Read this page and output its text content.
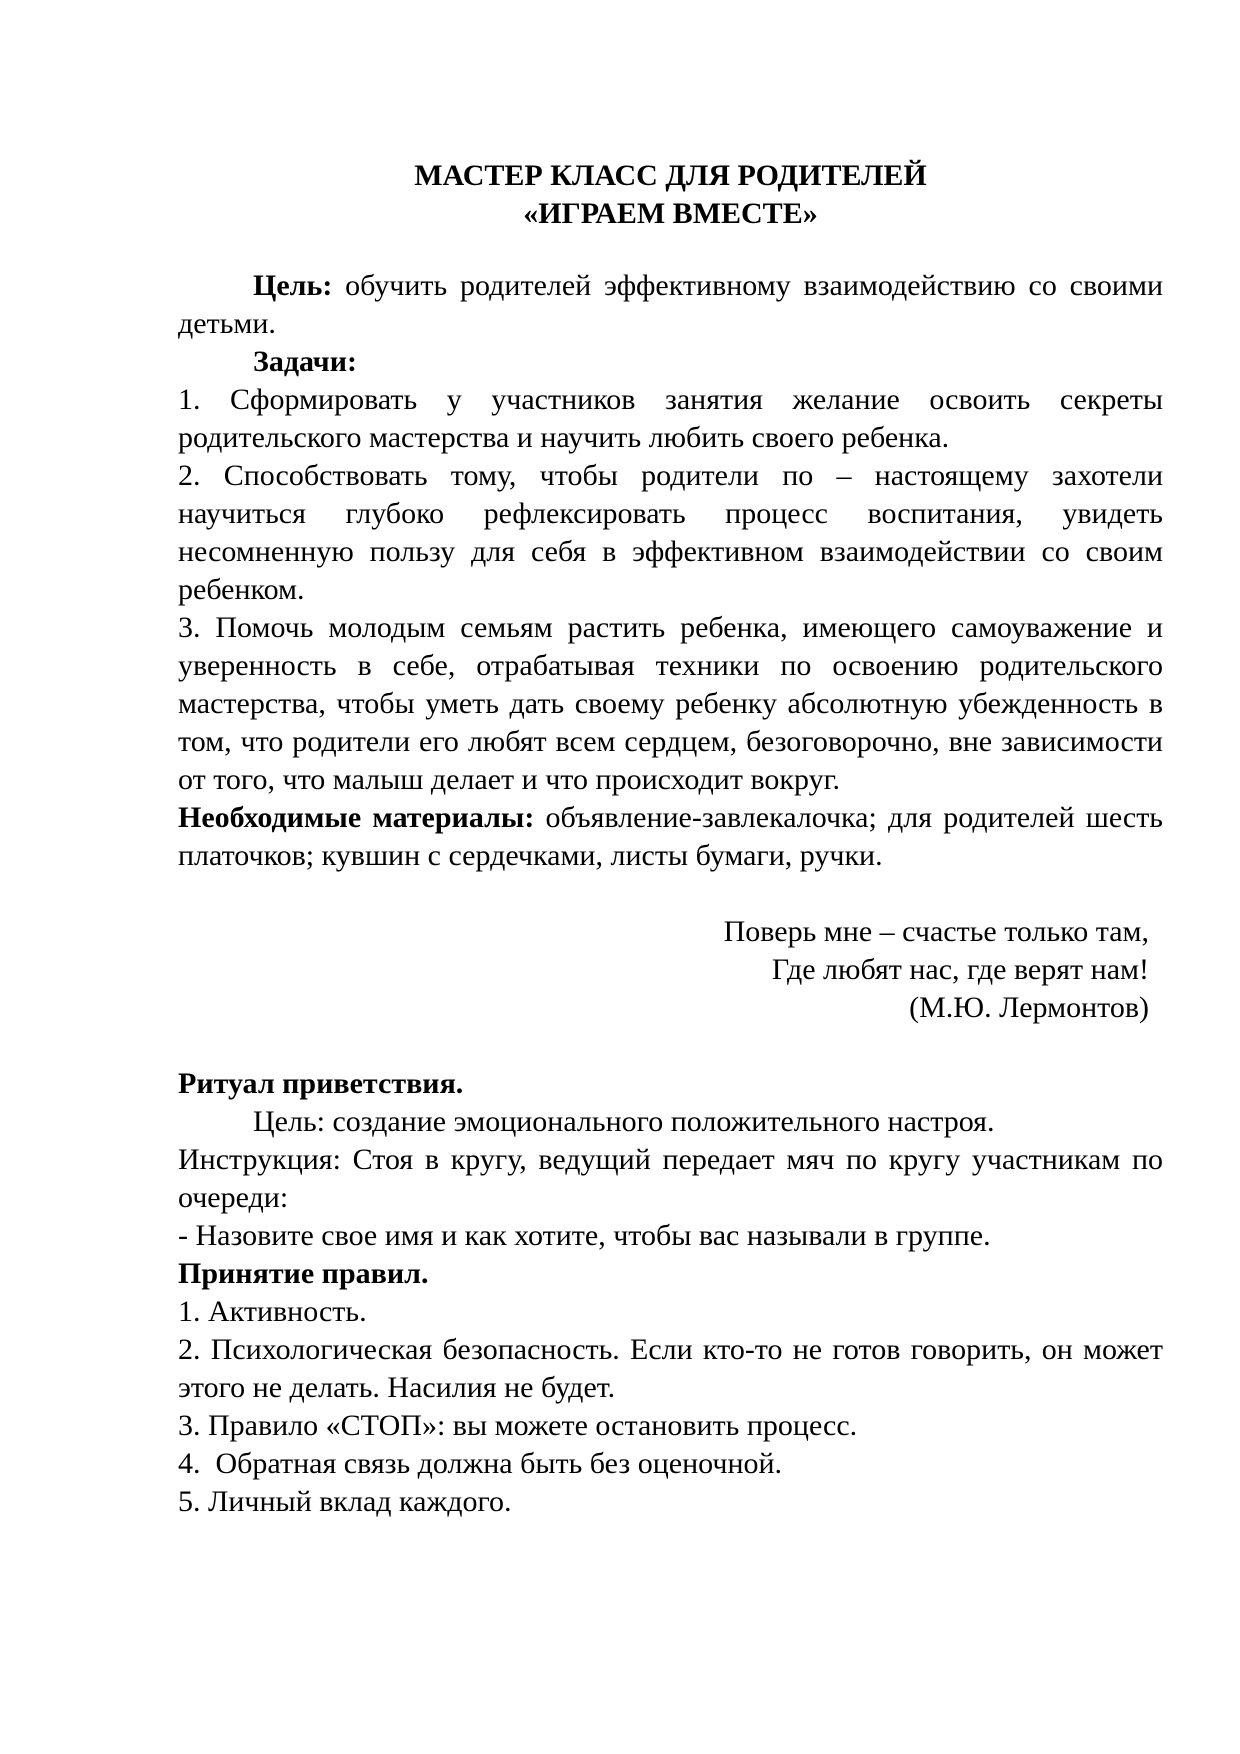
МАСТЕР КЛАСС ДЛЯ РОДИТЕЛЕЙ

«ИГРАЕМ ВМЕСТЕ»

Цель: обучить родителей эффективному взаимодействию со своими детьми.

Задачи:

1. Сформировать у участников занятия желание освоить секреты родительского мастерства и научить любить своего ребенка.

2. Способствовать тому, чтобы родители по – настоящему захотели научиться глубоко рефлексировать процесс воспитания, увидеть несомненную пользу для себя в эффективном взаимодействии со своим ребенком.

3. Помочь молодым семьям растить ребенка, имеющего самоуважение и уверенность в себе, отрабатывая техники по освоению родительского мастерства, чтобы уметь дать своему ребенку абсолютную убежденность в том, что родители его любят всем сердцем, безоговорочно, вне зависимости от того, что малыш делает и что происходит вокруг.

Необходимые материалы: объявление-завлекалочка; для родителей шесть платочков; кувшин с сердечками, листы бумаги, ручки.

Поверь мне – счастье только там,

Где любят нас, где верят нам!

(М.Ю. Лермонтов)

Ритуал приветствия.

Цель: создание эмоционального положительного настроя.

Инструкция: Стоя в кругу, ведущий передает мяч по кругу участникам по очереди:

- Назовите свое имя и как хотите, чтобы вас называли в группе.

Принятие правил.

1. Активность.

2. Психологическая безопасность. Если кто-то не готов говорить, он может этого не делать. Насилия не будет.

3. Правило «СТОП»: вы можете остановить процесс.

4.  Обратная связь должна быть без оценочной.

5. Личный вклад каждого.
